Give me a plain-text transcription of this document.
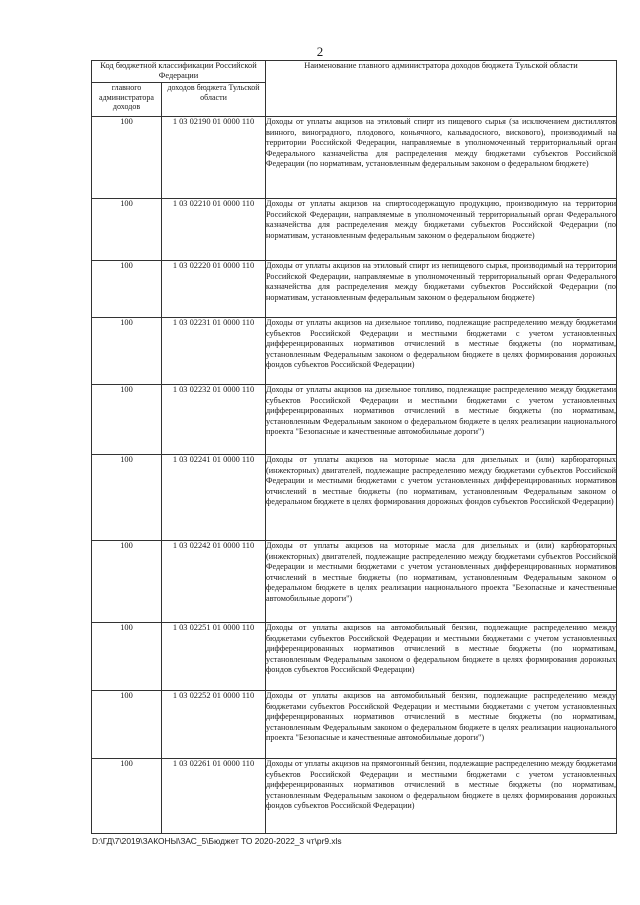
2
Код бюджетной классификации Российской Федерации		Наименование главного администратора доходов бюджета Тульской области
главного администратора доходов	доходов бюджета Тульской области	
100	1 03 02190 01 0000 110	Доходы от уплаты акцизов на этиловый спирт из пищевого сырья (за исключением дистиллятов винного, виноградного, плодового, коньячного, кальвадосного, вискового), производимый на территории Российской Федерации, направляемые в уполномоченный территориальный орган Федерального казначейства для распределения между бюджетами субъектов Российской Федерации (по нормативам, установленным федеральным законом о федеральном бюджете)
100	1 03 02210 01 0000 110	Доходы от уплаты акцизов на спиртосодержащую продукцию, производимую на территории Российской Федерации, направляемые в уполномоченный территориальный орган Федерального казначейства для распределения между бюджетами субъектов Российской Федерации (по нормативам, установленным федеральным законом о федеральном бюджете)
100	1 03 02220 01 0000 110	Доходы от уплаты акцизов на этиловый спирт из непищевого сырья, производимый на территории Российской Федерации, направляемые в уполномоченный территориальный орган Федерального казначейства для распределения между бюджетами субъектов Российской Федерации (по нормативам, установленным федеральным законом о федеральном бюджете)
100	1 03 02231 01 0000 110	Доходы от уплаты акцизов на дизельное топливо, подлежащие распределению между бюджетами субъектов Российской Федерации и местными бюджетами с учетом установленных дифференцированных нормативов отчислений в местные бюджеты (по нормативам, установленным Федеральным законом о федеральном бюджете в целях формирования дорожных фондов субъектов Российской Федерации)
100	1 03 02232 01 0000 110	Доходы от уплаты акцизов на дизельное топливо, подлежащие распределению между бюджетами субъектов Российской Федерации и местными бюджетами с учетом установленных дифференцированных нормативов отчислений в местные бюджеты (по нормативам, установленным Федеральным законом о федеральном бюджете в целях реализации национального проекта "Безопасные и качественные автомобильные дороги")
100	1 03 02241 01 0000 110	Доходы от уплаты акцизов на моторные масла для дизельных и (или) карбюраторных (инжекторных) двигателей, подлежащие распределению между бюджетами субъектов Российской Федерации и местными бюджетами с учетом установленных дифференцированных нормативов отчислений в местные бюджеты (по нормативам, установленным Федеральным законом о федеральном бюджете в целях формирования дорожных фондов субъектов Российской Федерации)
100	1 03 02242 01 0000 110	Доходы от уплаты акцизов на моторные масла для дизельных и (или) карбюраторных (инжекторных) двигателей, подлежащие распределению между бюджетами субъектов Российской Федерации и местными бюджетами с учетом установленных дифференцированных нормативов отчислений в местные бюджеты (по нормативам, установленным Федеральным законом о федеральном бюджете в целях реализации национального проекта "Безопасные и качественные автомобильные дороги")
100	1 03 02251 01 0000 110	Доходы от уплаты акцизов на автомобильный бензин, подлежащие распределению между бюджетами субъектов Российской Федерации и местными бюджетами с учетом установленных дифференцированных нормативов отчислений в местные бюджеты (по нормативам, установленным Федеральным законом о федеральном бюджете в целях формирования дорожных фондов субъектов Российской Федерации)
100	1 03 02252 01 0000 110	Доходы от уплаты акцизов на автомобильный бензин, подлежащие распределению между бюджетами субъектов Российской Федерации и местными бюджетами с учетом установленных дифференцированных нормативов отчислений в местные бюджеты (по нормативам, установленным Федеральным законом о федеральном бюджете в целях реализации национального проекта "Безопасные и качественные автомобильные дороги")
100	1 03 02261 01 0000 110	Доходы от уплаты акцизов на прямогонный бензин, подлежащие распределению между бюджетами субъектов Российской Федерации и местными бюджетами с учетом установленных дифференцированных нормативов отчислений в местные бюджеты (по нормативам, установленным Федеральным законом о федеральном бюджете в целях формирования дорожных фондов субъектов Российской Федерации)
D:\ГД\7\2019\ЗАКОНЫ\ЗАС_5\Бюджет ТО 2020-2022_3 чт\pr9.xls
